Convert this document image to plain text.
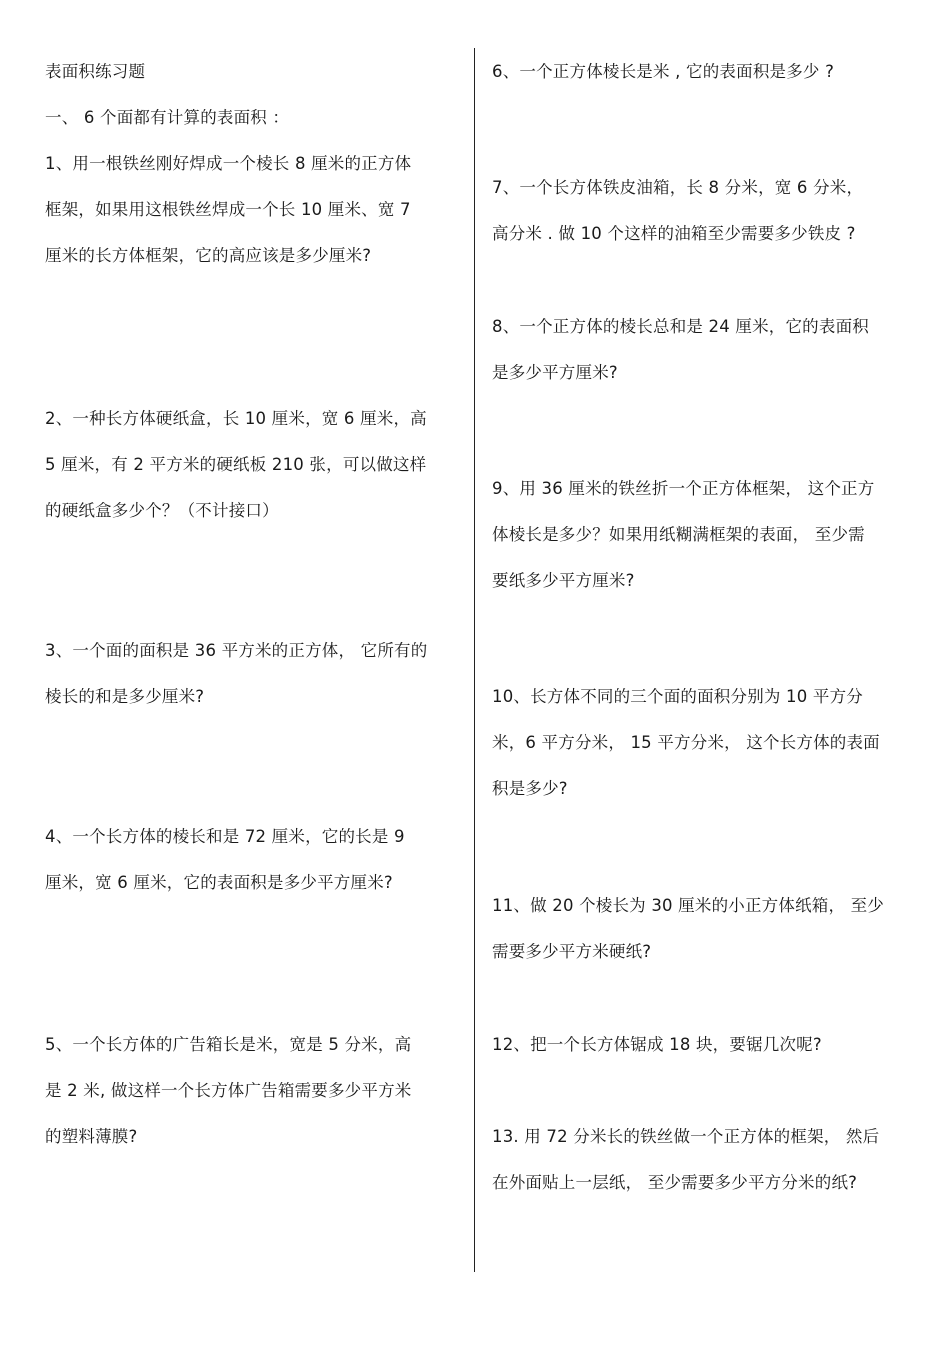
表面积练习题
一、 6 个面都有计算的表面积 ：
1、用一根铁丝刚好焊成一个棱长 8 厘米的正方体
框架，如果用这根铁丝焊成一个长 10 厘米、宽 7
厘米的长方体框架，它的高应该是多少厘米?
2、一种长方体硬纸盒，长 10 厘米，宽 6 厘米，高
5 厘米，有 2 平方米的硬纸板 210 张，可以做这样
的硬纸盒多少个？（不计接口）
3、一个面的面积是 36 平方米的正方体， 它所有的
棱长的和是多少厘米?
4、一个长方体的棱长和是 72 厘米，它的长是 9
厘米，宽 6 厘米，它的表面积是多少平方厘米?
5、一个长方体的广告箱长是米，宽是 5 分米，高
是 2 米, 做这样一个长方体广告箱需要多少平方米
的塑料薄膜?
6、一个正方体棱长是米 , 它的表面积是多少 ?
7、一个长方体铁皮油箱，长 8 分米，宽 6 分米，
高分米 . 做 10 个这样的油箱至少需要多少铁皮 ?
8、一个正方体的棱长总和是 24 厘米，它的表面积
是多少平方厘米?
9、用 36 厘米的铁丝折一个正方体框架， 这个正方
体棱长是多少？如果用纸糊满框架的表面， 至少需
要纸多少平方厘米?
10、长方体不同的三个面的面积分别为 10 平方分
米，6 平方分米， 15 平方分米， 这个长方体的表面
积是多少?
11、做 20 个棱长为 30 厘米的小正方体纸箱， 至少
需要多少平方米硬纸?
12、把一个长方体锯成 18 块，要锯几次呢?
13. 用 72 分米长的铁丝做一个正方体的框架， 然后
在外面贴上一层纸， 至少需要多少平方分米的纸?
